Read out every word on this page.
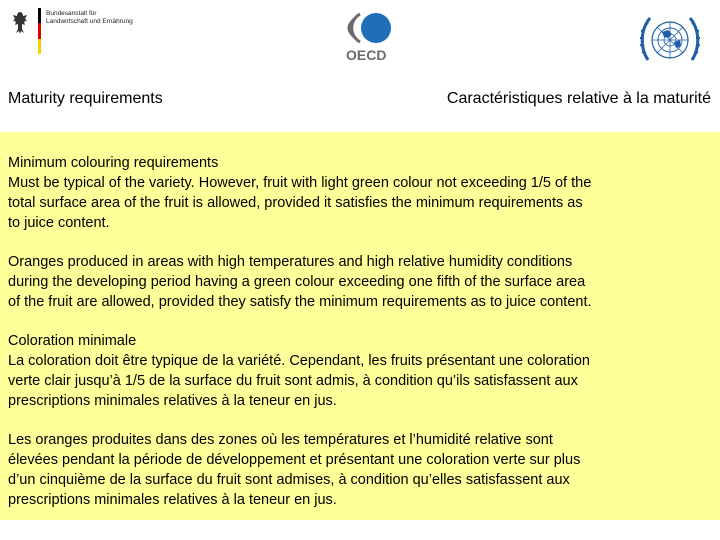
Bundesanstalt für
Landwirtschaft und Ernährung
OECD
Maturity requirements	Caractéristiques relative à la maturité
Minimum colouring requirements
Must be typical of the variety. However, fruit with light green colour not exceeding 1/5 of the
total surface area of the fruit is allowed, provided it satisfies the minimum requirements as
to juice content.
Oranges produced in areas with high temperatures and high relative humidity conditions
during the developing period having a green colour exceeding one fifth of the surface area
of the fruit are allowed, provided they satisfy the minimum requirements as to juice content.
Coloration minimale
La coloration doit être typique de la variété. Cependant, les fruits présentant une coloration
verte clair jusqu’à 1/5 de la surface du fruit sont admis, à condition qu’ils satisfassent aux
prescriptions minimales relatives à la teneur en jus.
Les oranges produites dans des zones où les températures et l’humidité relative sont
élevées pendant la période de développement et présentant une coloration verte sur plus
d’un cinquième de la surface du fruit sont admises, à condition qu’elles satisfassent aux
prescriptions minimales relatives à la teneur en jus.
